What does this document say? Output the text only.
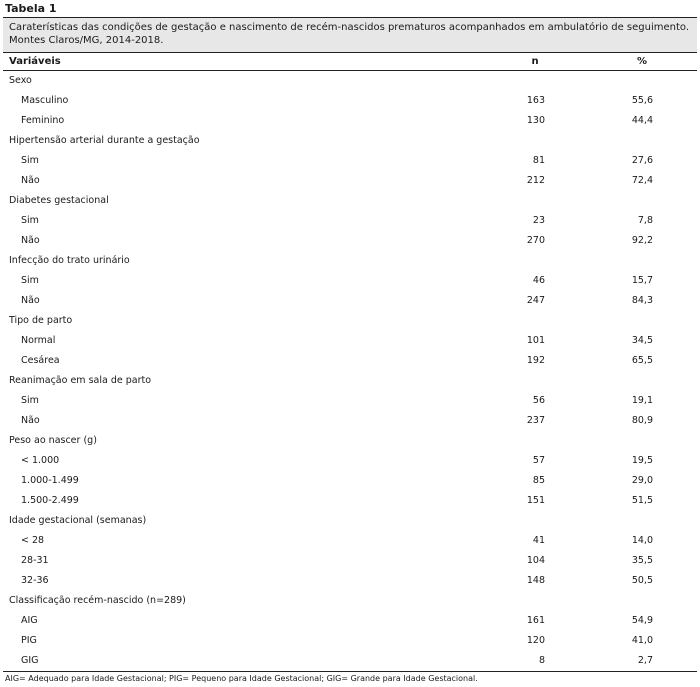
Tabela 1
Caraterísticas das condições de gestação e nascimento de recém-nascidos prematuros acompanhados em ambulatório de seguimento. Montes Claros/MG, 2014-2018.
Variáveis	n	%
Sexo
Masculino	163	55,6
Feminino	130	44,4
Hipertensão arterial durante a gestação
Sim	81	27,6
Não	212	72,4
Diabetes gestacional
Sim	23	7,8
Não	270	92,2
Infecção do trato urinário
Sim	46	15,7
Não	247	84,3
Tipo de parto
Normal	101	34,5
Cesárea	192	65,5
Reanimação em sala de parto
Sim	56	19,1
Não	237	80,9
Peso ao nascer (g)
< 1.000	57	19,5
1.000-1.499	85	29,0
1.500-2.499	151	51,5
Idade gestacional (semanas)
< 28	41	14,0
28-31	104	35,5
32-36	148	50,5
Classificação recém-nascido (n=289)
AIG	161	54,9
PIG	120	41,0
GIG	8	2,7
AIG= Adequado para Idade Gestacional; PIG= Pequeno para Idade Gestacional; GIG= Grande para Idade Gestacional.
